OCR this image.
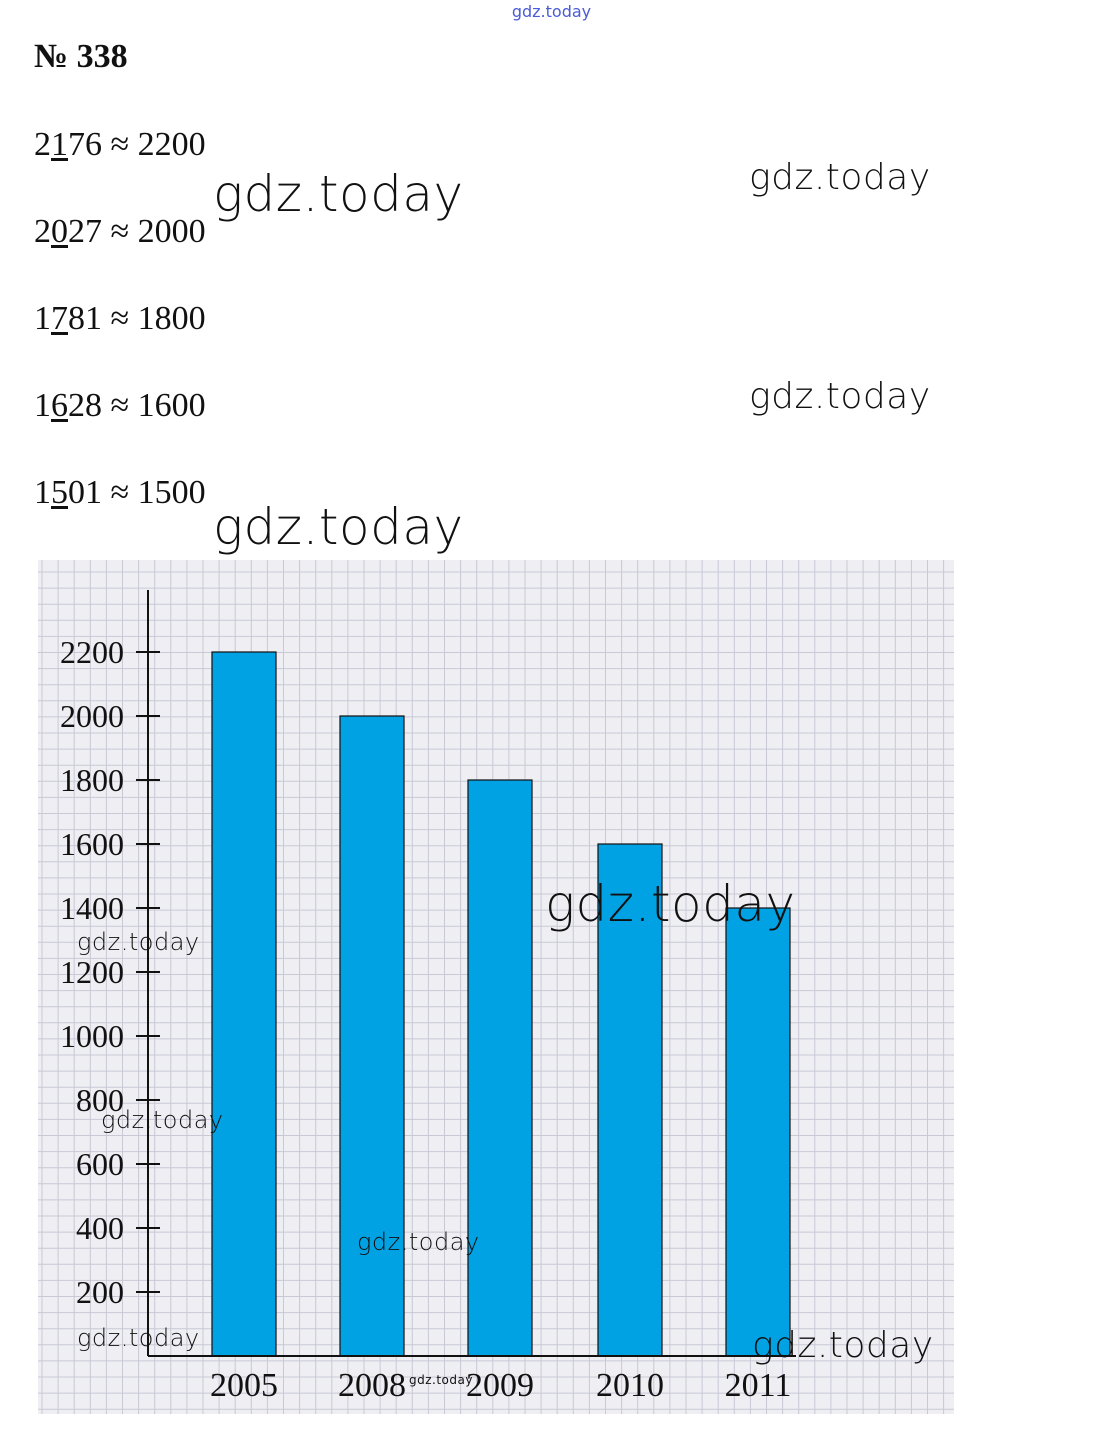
gdz.today
№ 338
2176 ≈ 2200
2027 ≈ 2000
1781 ≈ 1800
1628 ≈ 1600
1501 ≈ 1500
200
400
600
800
1000
1200
1400
1600
1800
2000
2200
2005 2008 2009 2010 2011
gdz.today	gdz.today
gdz.today
gdz.today
gdz.today
gdz.today
gdz.today
gdz.today
gdz.today	gdz.today
gdz.today
